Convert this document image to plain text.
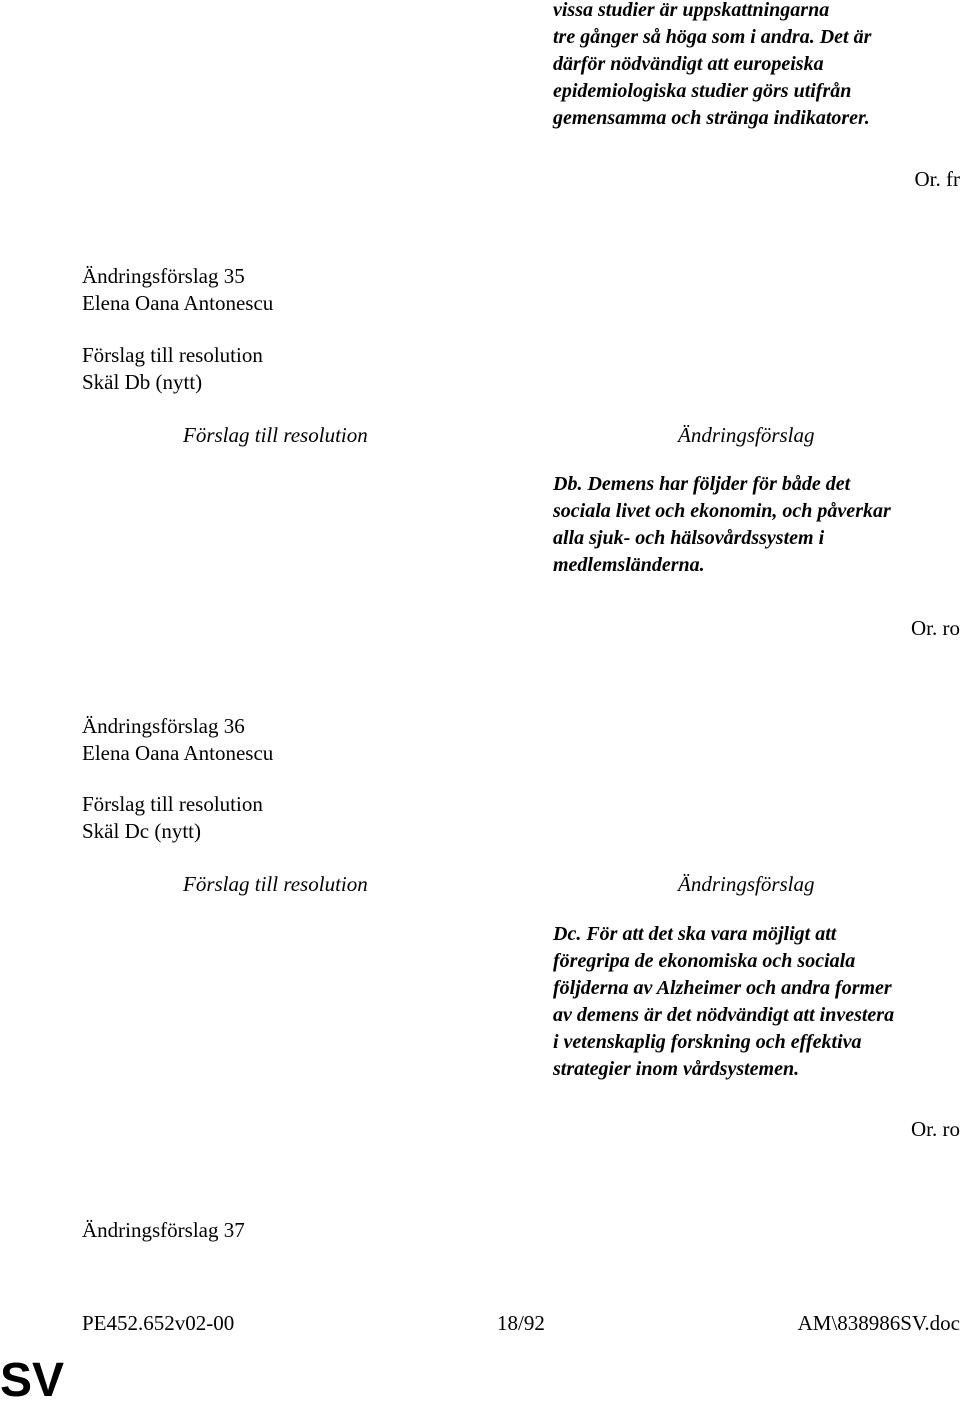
vissa studier är uppskattningarna
tre gånger så höga som i andra. Det är
därför nödvändigt att europeiska
epidemiologiska studier görs utifrån
gemensamma och stränga indikatorer.
Or. fr
Ändringsförslag 35
Elena Oana Antonescu
Förslag till resolution
Skäl Db (nytt)
Förslag till resolution	Ändringsförslag
Db. Demens har följder för både det
sociala livet och ekonomin, och påverkar
alla sjuk- och hälsovårdssystem i
medlemsländerna.
Or. ro
Ändringsförslag 36
Elena Oana Antonescu
Förslag till resolution
Skäl Dc (nytt)
Förslag till resolution	Ändringsförslag
Dc. För att det ska vara möjligt att
föregripa de ekonomiska och sociala
följderna av Alzheimer och andra former
av demens är det nödvändigt att investera
i vetenskaplig forskning och effektiva
strategier inom vårdsystemen.
Or. ro
Ändringsförslag 37
PE452.652v02-00	18/92	AM\838986SV.doc
SV
